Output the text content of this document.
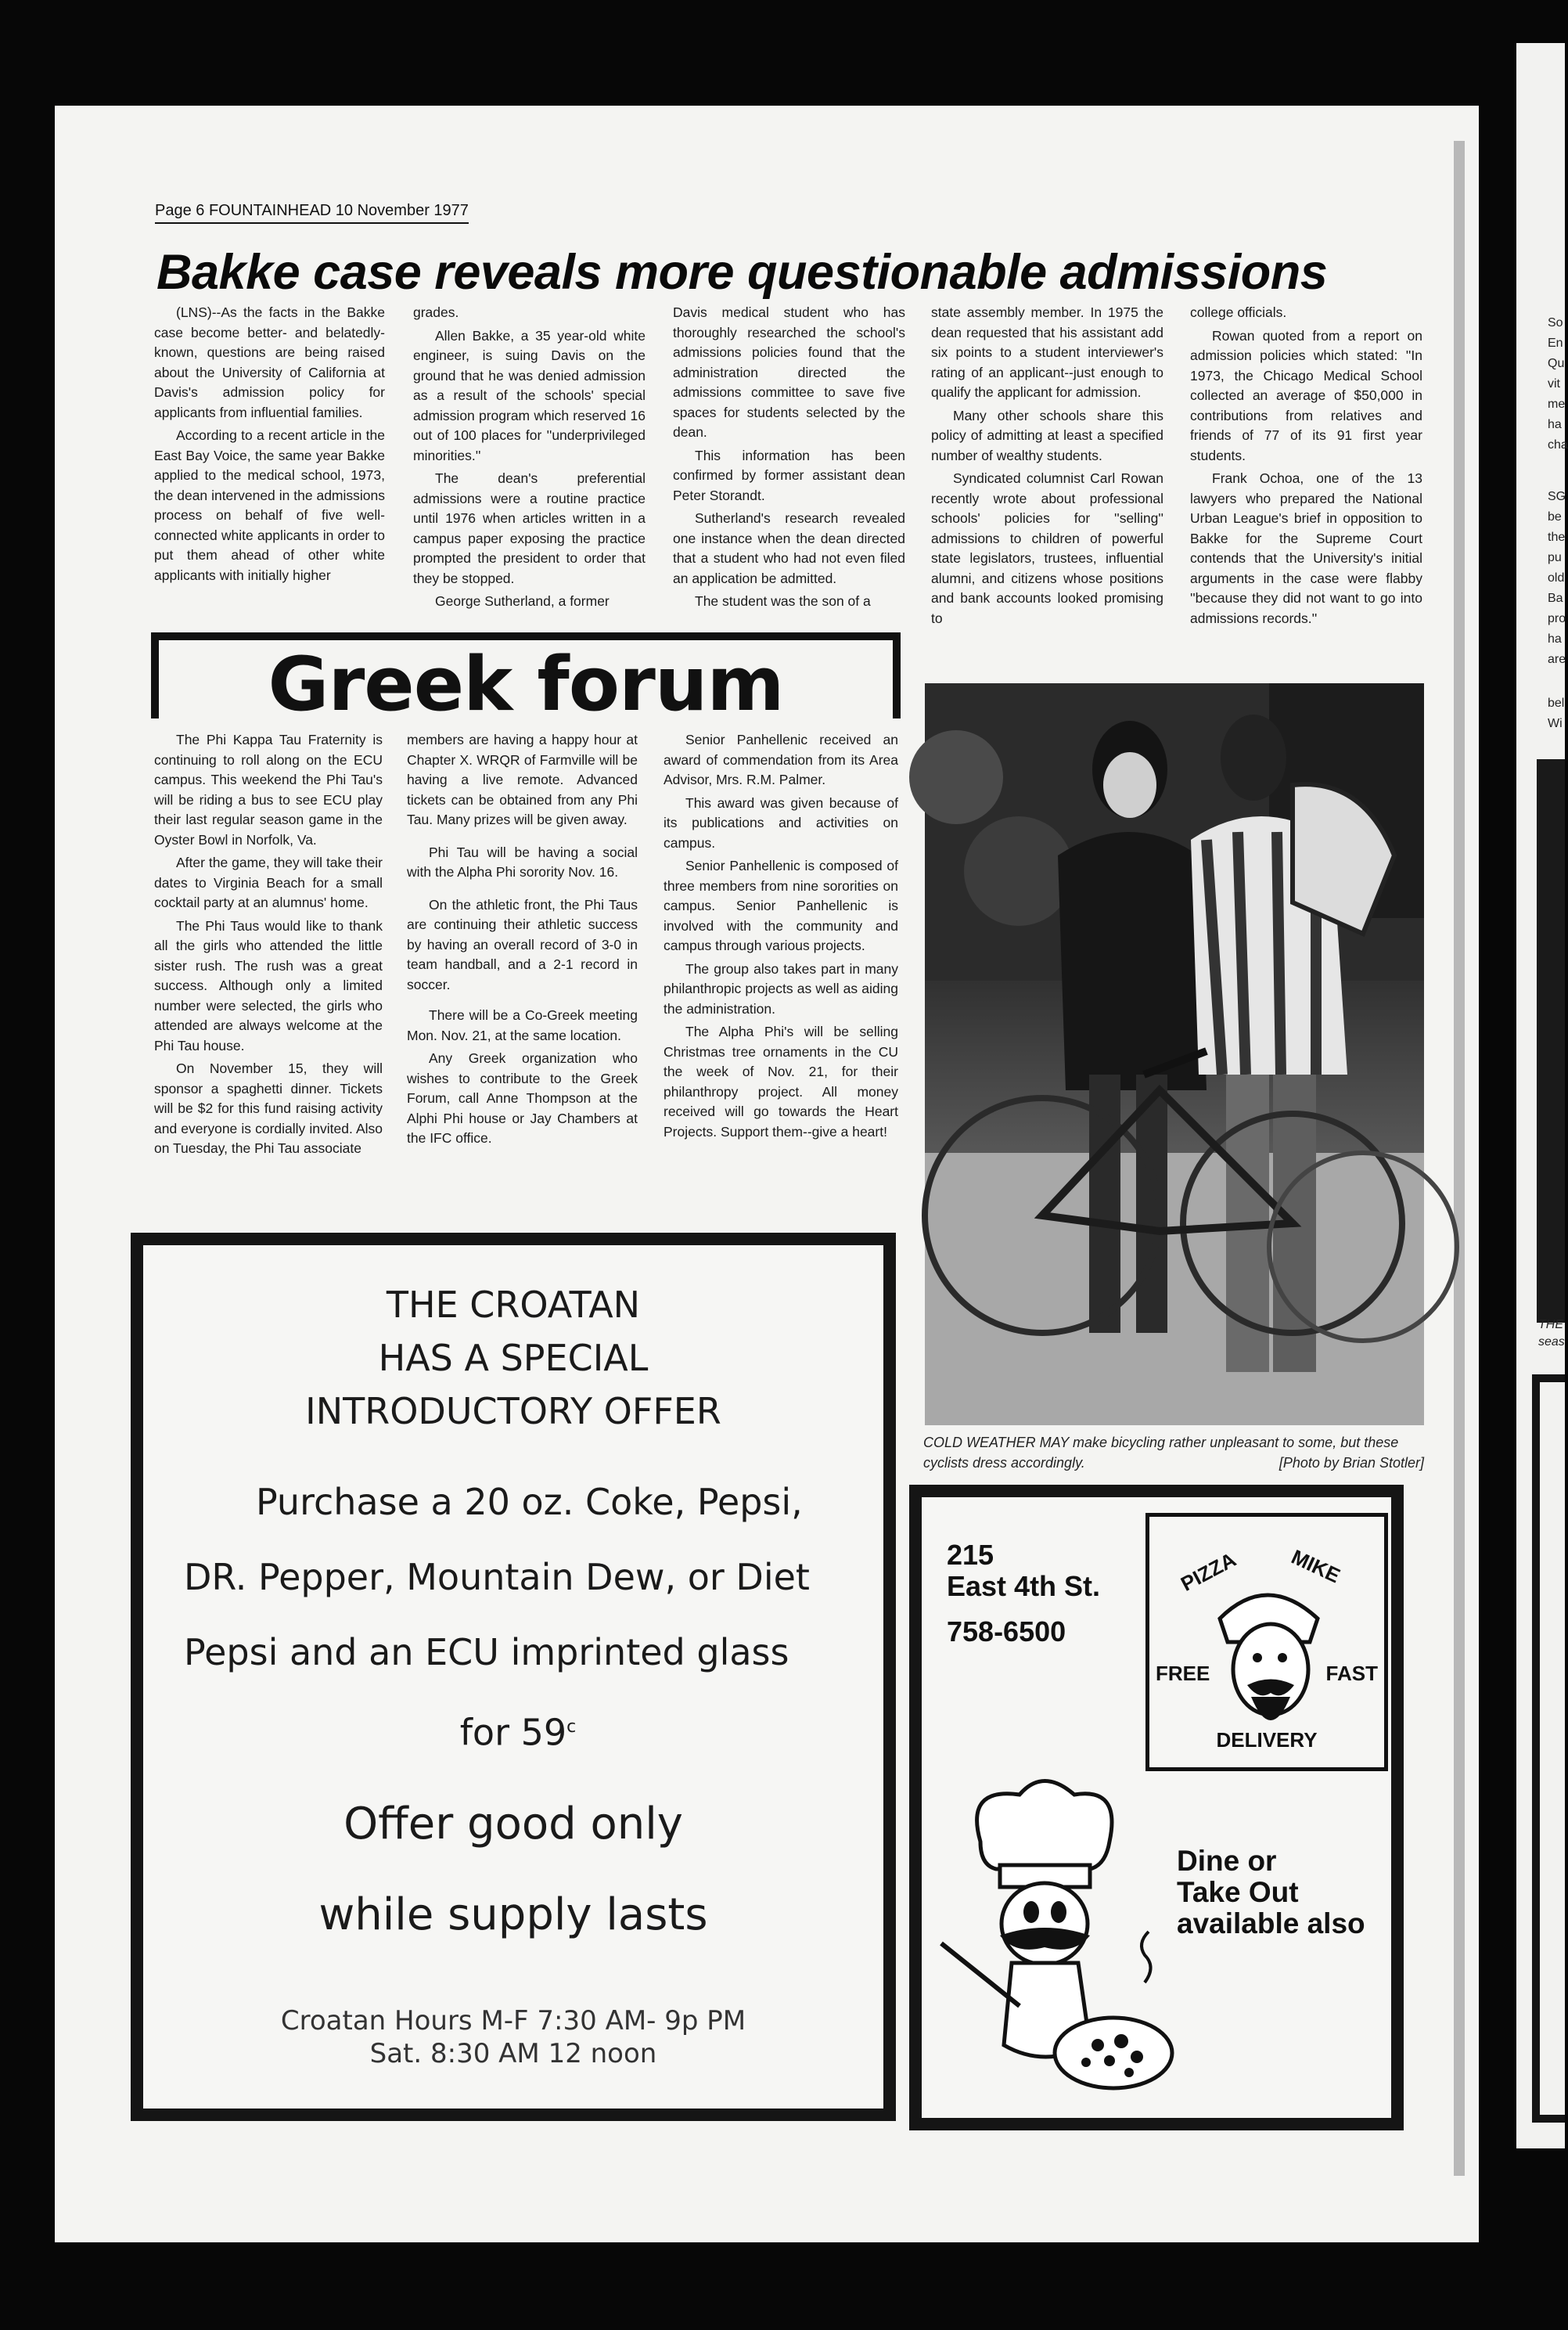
So
En
Qu
vit
me
ha
cha
SG
be
the
pu
old
Ba
pro
ha
are
bel
Wi
THE
seas
Page 6 FOUNTAINHEAD 10 November 1977
Bakke case reveals more questionable admissions

(LNS)--As the facts in the Bakke case become better- and belatedly- known, questions are being raised about the University of California at Davis's admission policy for applicants from influential families.

According to a recent article in the East Bay Voice, the same year Bakke applied to the medical school, 1973, the dean intervened in the admissions process on behalf of five well-connected white applicants in order to put them ahead of other white applicants with initially higher

grades.

Allen Bakke, a 35 year-old white engineer, is suing Davis on the ground that he was denied admission as a result of the schools' special admission program which reserved 16 out of 100 places for ''underprivileged minorities.''

The dean's preferential admissions were a routine practice until 1976 when articles written in a campus paper exposing the practice prompted the president to order that they be stopped.

George Sutherland, a former

Davis medical student who has thoroughly researched the school's admissions policies found that the administration directed the admissions committee to save five spaces for students selected by the dean.

This information has been confirmed by former assistant dean Peter Storandt.

Sutherland's research revealed one instance when the dean directed that a student who had not even filed an application be admitted.

The student was the son of a

state assembly member. In 1975 the dean requested that his assistant add six points to a student interviewer's rating of an applicant--just enough to qualify the applicant for admission.

Many other schools share this policy of admitting at least a specified number of wealthy students.

Syndicated columnist Carl Rowan recently wrote about professional schools' policies for ''selling'' admissions to children of powerful state legislators, trustees, influential alumni, and citizens whose positions and bank accounts looked promising to

college officials.

Rowan quoted from a report on admission policies which stated: ''In 1973, the Chicago Medical School collected an average of $50,000 in contributions from relatives and friends of 77 of its 91 first year students.

Frank Ochoa, one of the 13 lawyers who prepared the National Urban League's brief in opposition to Bakke for the Supreme Court contends that the University's initial arguments in the case were flabby ''because they did not want to go into admissions records.''

Greek forum

The Phi Kappa Tau Fraternity is continuing to roll along on the ECU campus. This weekend the Phi Tau's will be riding a bus to see ECU play their last regular season game in the Oyster Bowl in Norfolk, Va.

After the game, they will take their dates to Virginia Beach for a small cocktail party at an alumnus' home.

The Phi Taus would like to thank all the girls who attended the little sister rush. The rush was a great success. Although only a limited number were selected, the girls who attended are always welcome at the Phi Tau house.

On November 15, they will sponsor a spaghetti dinner. Tickets will be $2 for this fund raising activity and everyone is cordially invited. Also on Tuesday, the Phi Tau associate

members are having a happy hour at Chapter X. WRQR of Farmville will be having a live remote. Advanced tickets can be obtained from any Phi Tau. Many prizes will be given away.

Phi Tau will be having a social with the Alpha Phi sorority Nov. 16.

On the athletic front, the Phi Taus are continuing their athletic success by having an overall record of 3-0 in team handball, and a 2-1 record in soccer.

There will be a Co-Greek meeting Mon. Nov. 21, at the same location.

Any Greek organization who wishes to contribute to the Greek Forum, call Anne Thompson at the Alphi Phi house or Jay Chambers at the IFC office.

Senior Panhellenic received an award of commendation from its Area Advisor, Mrs. R.M. Palmer.

This award was given because of its publications and activities on campus.

Senior Panhellenic is composed of three members from nine sororities on campus. Senior Panhellenic is involved with the community and campus through various projects.

The group also takes part in many philanthropic projects as well as aiding the administration.

The Alpha Phi's will be selling Christmas tree ornaments in the CU the week of Nov. 21, for their philanthropy project. All money received will go towards the Heart Projects. Support them--give a heart!

COLD WEATHER MAY make bicycling rather unpleasant to some, but these cyclists dress accordingly.	[Photo by Brian Stotler]
THE CROATAN
HAS A SPECIAL
INTRODUCTORY OFFER
Purchase a 20 oz. Coke, Pepsi,
DR. Pepper, Mountain Dew, or Diet
Pepsi and an ECU imprinted glass
for 59$^c$
Offer good only
while supply lasts
Croatan Hours M-F 7:30 AM- 9p PM
Sat. 8:30 AM 12 noon
215
East 4th St.
758-6500
PIZZA MIKE
FREE	FAST
DELIVERY
Dine or
Take Out
available also
